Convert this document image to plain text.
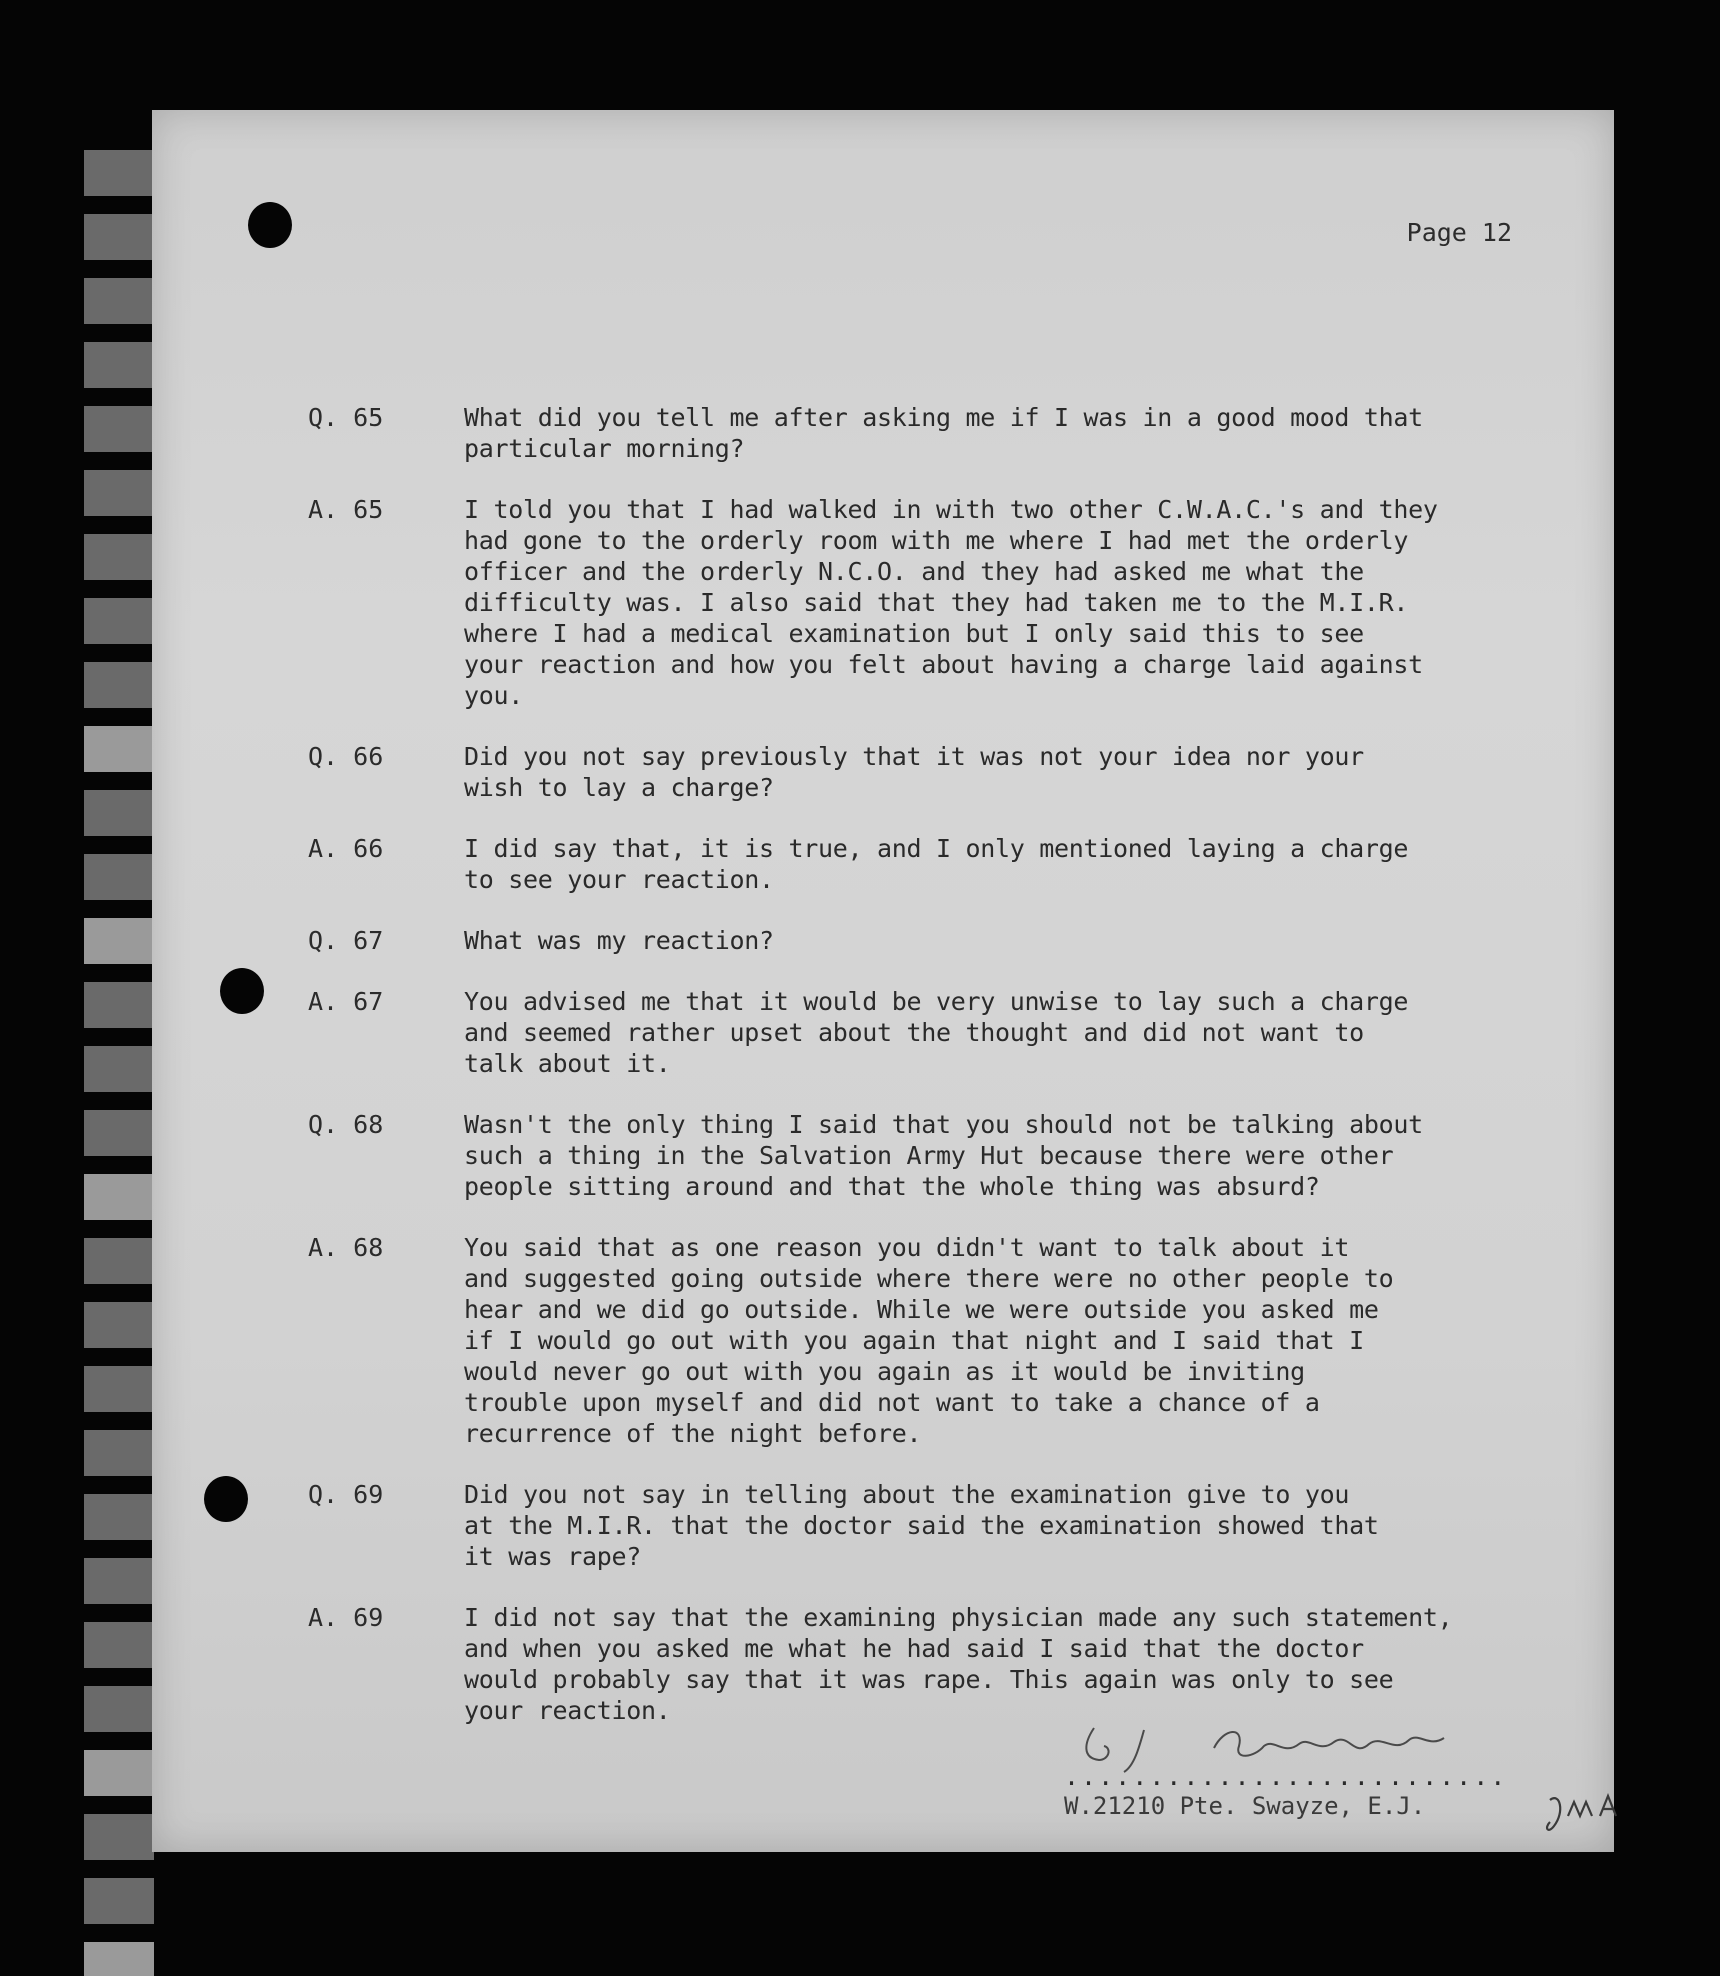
Page 12
Q. 65	What did you tell me after asking me if I was in a good mood that
particular morning?
A. 65	I told you that I had walked in with two other C.W.A.C.'s and they
had gone to the orderly room with me where I had met the orderly
officer and the orderly N.C.O. and they had asked me what the
difficulty was. I also said that they had taken me to the M.I.R.
where I had a medical examination but I only said this to see
your reaction and how you felt about having a charge laid against
you.
Q. 66	Did you not say previously that it was not your idea nor your
wish to lay a charge?
A. 66	I did say that, it is true, and I only mentioned laying a charge
to see your reaction.
Q. 67	What was my reaction?
A. 67	You advised me that it would be very unwise to lay such a charge
and seemed rather upset about the thought and did not want to
talk about it.
Q. 68	Wasn't the only thing I said that you should not be talking about
such a thing in the Salvation Army Hut because there were other
people sitting around and that the whole thing was absurd?
A. 68	You said that as one reason you didn't want to talk about it
and suggested going outside where there were no other people to
hear and we did go outside. While we were outside you asked me
if I would go out with you again that night and I said that I
would never go out with you again as it would be inviting
trouble upon myself and did not want to take a chance of a
recurrence of the night before.
Q. 69	Did you not say in telling about the examination give to you
at the M.I.R. that the doctor said the examination showed that
it was rape?
A. 69	I did not say that the examining physician made any such statement,
and when you asked me what he had said I said that the doctor
would probably say that it was rape. This again was only to see
your reaction.
..........................
W.21210 Pte. Swayze, E.J.
